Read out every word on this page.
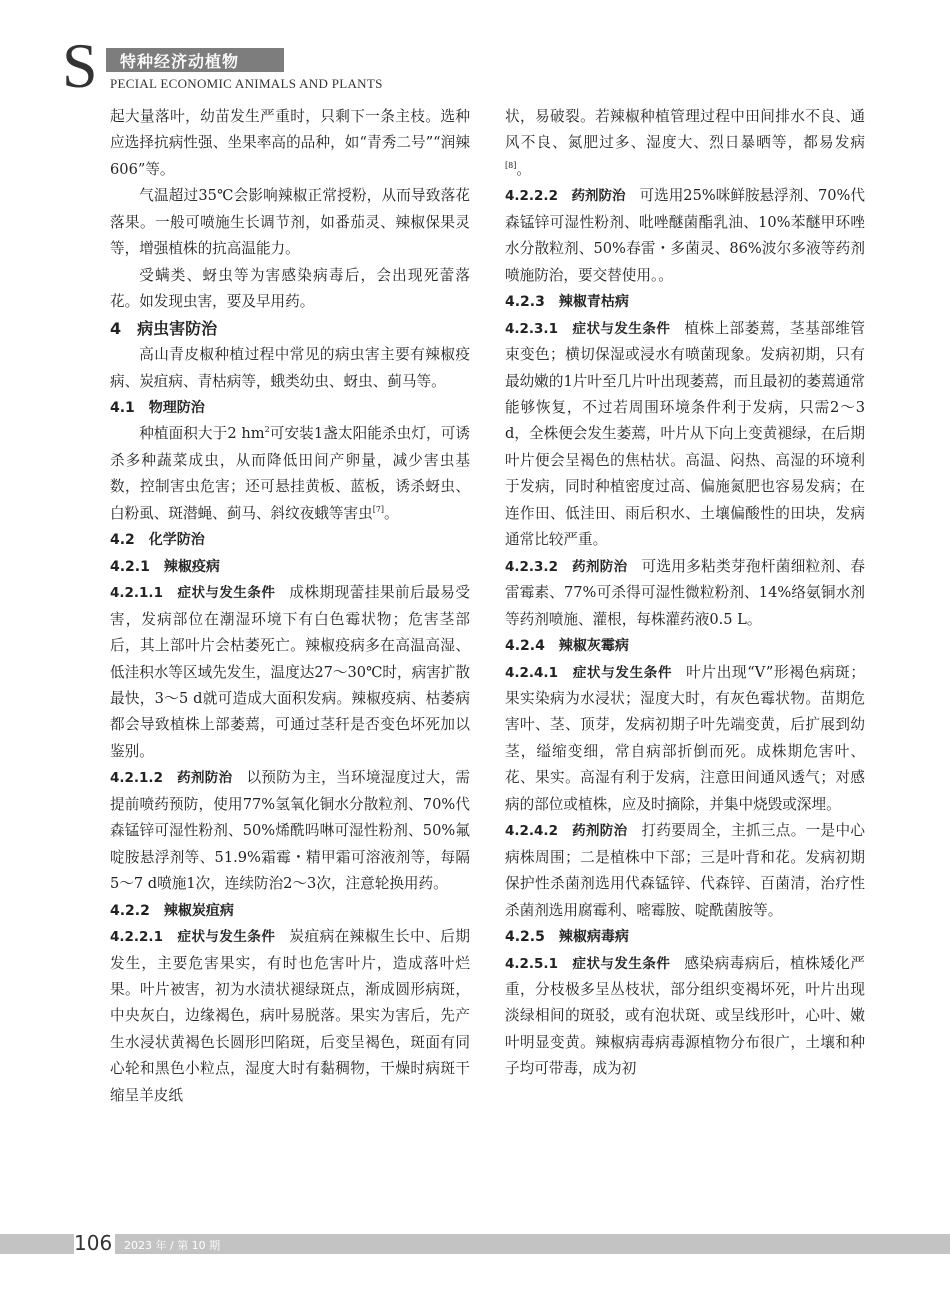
S 特种经济动植物
PECIAL ECONOMIC ANIMALS AND PLANTS

起大量落叶，幼苗发生严重时，只剩下一条主枝。选种应选择抗病性强、坐果率高的品种，如“青秀二号”“润辣606”等。

气温超过35℃会影响辣椒正常授粉，从而导致落花落果。一般可喷施生长调节剂，如番茄灵、辣椒保果灵等，增强植株的抗高温能力。

受螨类、蚜虫等为害感染病毒后，会出现死蕾落花。如发现虫害，要及早用药。

4　病虫害防治

高山青皮椒种植过程中常见的病虫害主要有辣椒疫病、炭疽病、青枯病等，蛾类幼虫、蚜虫、蓟马等。

4.1　物理防治

种植面积大于2 $hm^2$可安装1盏太阳能杀虫灯，可诱杀多种蔬菜成虫，从而降低田间产卵量，减少害虫基数，控制害虫危害；还可悬挂黄板、蓝板，诱杀蚜虫、白粉虱、斑潜蝇、蓟马、斜纹夜蛾等害虫[7]。

4.2　化学防治

4.2.1　辣椒疫病

4.2.1.1　症状与发生条件 成株期现蕾挂果前后最易受害，发病部位在潮湿环境下有白色霉状物；危害茎部后，其上部叶片会枯萎死亡。辣椒疫病多在高温高湿、低洼积水等区域先发生，温度达27～30℃时，病害扩散最快，3～5 d就可造成大面积发病。辣椒疫病、枯萎病都会导致植株上部萎蔫，可通过茎秆是否变色坏死加以鉴别。

4.2.1.2　药剂防治 以预防为主，当环境湿度过大，需提前喷药预防，使用77%氢氧化铜水分散粒剂、70%代森锰锌可湿性粉剂、50%烯酰吗啉可湿性粉剂、50%氟啶胺悬浮剂等、51.9%霜霉・精甲霜可溶液剂等，每隔5～7 d喷施1次，连续防治2～3次，注意轮换用药。

4.2.2　辣椒炭疽病

4.2.2.1　症状与发生条件 炭疽病在辣椒生长中、后期发生，主要危害果实，有时也危害叶片，造成落叶烂果。叶片被害，初为水渍状褪绿斑点，渐成圆形病斑，中央灰白，边缘褐色，病叶易脱落。果实为害后，先产生水浸状黄褐色长圆形凹陷斑，后变呈褐色，斑面有同心轮和黑色小粒点，湿度大时有黏稠物，干燥时病斑干缩呈羊皮纸

状，易破裂。若辣椒种植管理过程中田间排水不良、通风不良、氮肥过多、湿度大、烈日暴晒等，都易发病[8]。

4.2.2.2　药剂防治 可选用25%咪鲜胺悬浮剂、70%代森锰锌可湿性粉剂、吡唑醚菌酯乳油、10%苯醚甲环唑水分散粒剂、50%春雷・多菌灵、86%波尔多液等药剂喷施防治，要交替使用。。

4.2.3　辣椒青枯病

4.2.3.1　症状与发生条件 植株上部萎蔫，茎基部维管束变色；横切保湿或浸水有喷菌现象。发病初期，只有最幼嫩的1片叶至几片叶出现萎蔫，而且最初的萎蔫通常能够恢复，不过若周围环境条件利于发病，只需2～3 d，全株便会发生萎蔫，叶片从下向上变黄褪绿，在后期叶片便会呈褐色的焦枯状。高温、闷热、高湿的环境利于发病，同时种植密度过高、偏施氮肥也容易发病；在连作田、低洼田、雨后积水、土壤偏酸性的田块，发病通常比较严重。

4.2.3.2　药剂防治 可选用多粘类芽孢杆菌细粒剂、春雷霉素、77%可杀得可湿性微粒粉剂、14%络氨铜水剂等药剂喷施、灌根，每株灌药液0.5 L。

4.2.4　辣椒灰霉病

4.2.4.1　症状与发生条件 叶片出现“V”形褐色病斑；果实染病为水浸状；湿度大时，有灰色霉状物。苗期危害叶、茎、顶芽，发病初期子叶先端变黄，后扩展到幼茎，缢缩变细，常自病部折倒而死。成株期危害叶、花、果实。高湿有利于发病，注意田间通风透气；对感病的部位或植株，应及时摘除，并集中烧毁或深埋。

4.2.4.2　药剂防治 打药要周全，主抓三点。一是中心病株周围；二是植株中下部；三是叶背和花。发病初期保护性杀菌剂选用代森锰锌、代森锌、百菌清，治疗性杀菌剂选用腐霉利、嘧霉胺、啶酰菌胺等。

4.2.5　辣椒病毒病

4.2.5.1　症状与发生条件 感染病毒病后，植株矮化严重，分枝极多呈丛枝状，部分组织变褐坏死，叶片出现淡绿相间的斑驳，或有泡状斑、或呈线形叶，心叶、嫩叶明显变黄。辣椒病毒病毒源植物分布很广，土壤和种子均可带毒，成为初

106 2023 年 / 第 10 期
